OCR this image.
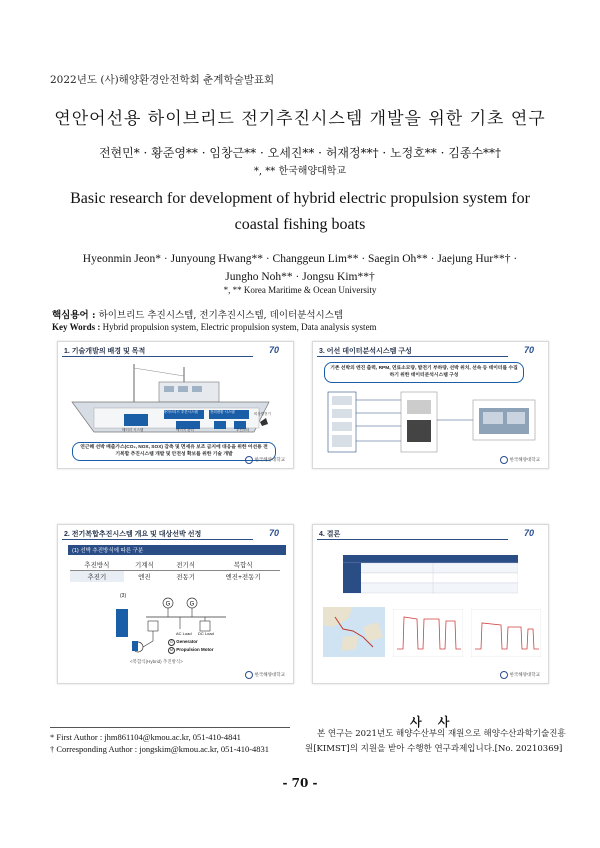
2022년도 (사)해양환경안전학회 춘계학술발표회
연안어선용 하이브리드 전기추진시스템 개발을 위한 기초 연구
전현민* · 황준영** · 임창근** · 오세진** · 허재정**† · 노정호** · 김종수**†
*, ** 한국해양대학교
Basic research for development of hybrid electric propulsion system for
coastal fishing boats
Hyeonmin Jeon* · Junyoung Hwang** · Changgeun Lim** · Saegin Oh** · Jaejung Hur**† ·
Jungho Noh** · Jongsu Kim**†
*, ** Korea Maritime & Ocean University
핵심용어 : 하이브리드 추진시스템, 전기추진시스템, 데이터분석시스템
Key Words : Hybrid propulsion system, Electric propulsion system, Data analysis system
1. 기술개발의 배경 및 목적	70
하이브리드 추진시스템	전력변환 시스템
배터리 시스템	추진모터
에너지 관리
비상발전기
연근해 선박 배출가스(CO₂, NOX, SOX) 감축 및 면세유 보조 금지에 대응을 위한 어선용 전기복합 추진시스템 개발 및 안전성 확보를 위한 기술 개발
한국해양대학교
3. 어선 데이터분석시스템 구성	70
기존 선박의 엔진 출력, RPM, 연료소모량, 발전기 부하량, 선박 위치, 선속 등 데이터를 수집하기 위한 데이터분석시스템 구성
한국해양대학교
2. 전기복합추진시스템 개요 및 대상선박 선정	70
(1) 선박 추진방식에 따른 구분
추진방식	기계식	전기식	복합식
추진기	엔진	전동기	엔진+전동기
(3)
G	G
AC Load DC Load
G Generator
M Propulsion Motor
<복합식(Hybrid) 추진방식>
한국해양대학교
4. 결론	70
한국해양대학교
* First Author : jhm861104@kmou.ac.kr, 051-410-4841
† Corresponding Author : jongskim@kmou.ac.kr, 051-410-4831
사 사
본 연구는 2021년도 해양수산부의 재원으로 해양수산과학기술진흥원[KIMST]의 지원을 받아 수행한 연구과제입니다.[No. 20210369]
- 70 -
